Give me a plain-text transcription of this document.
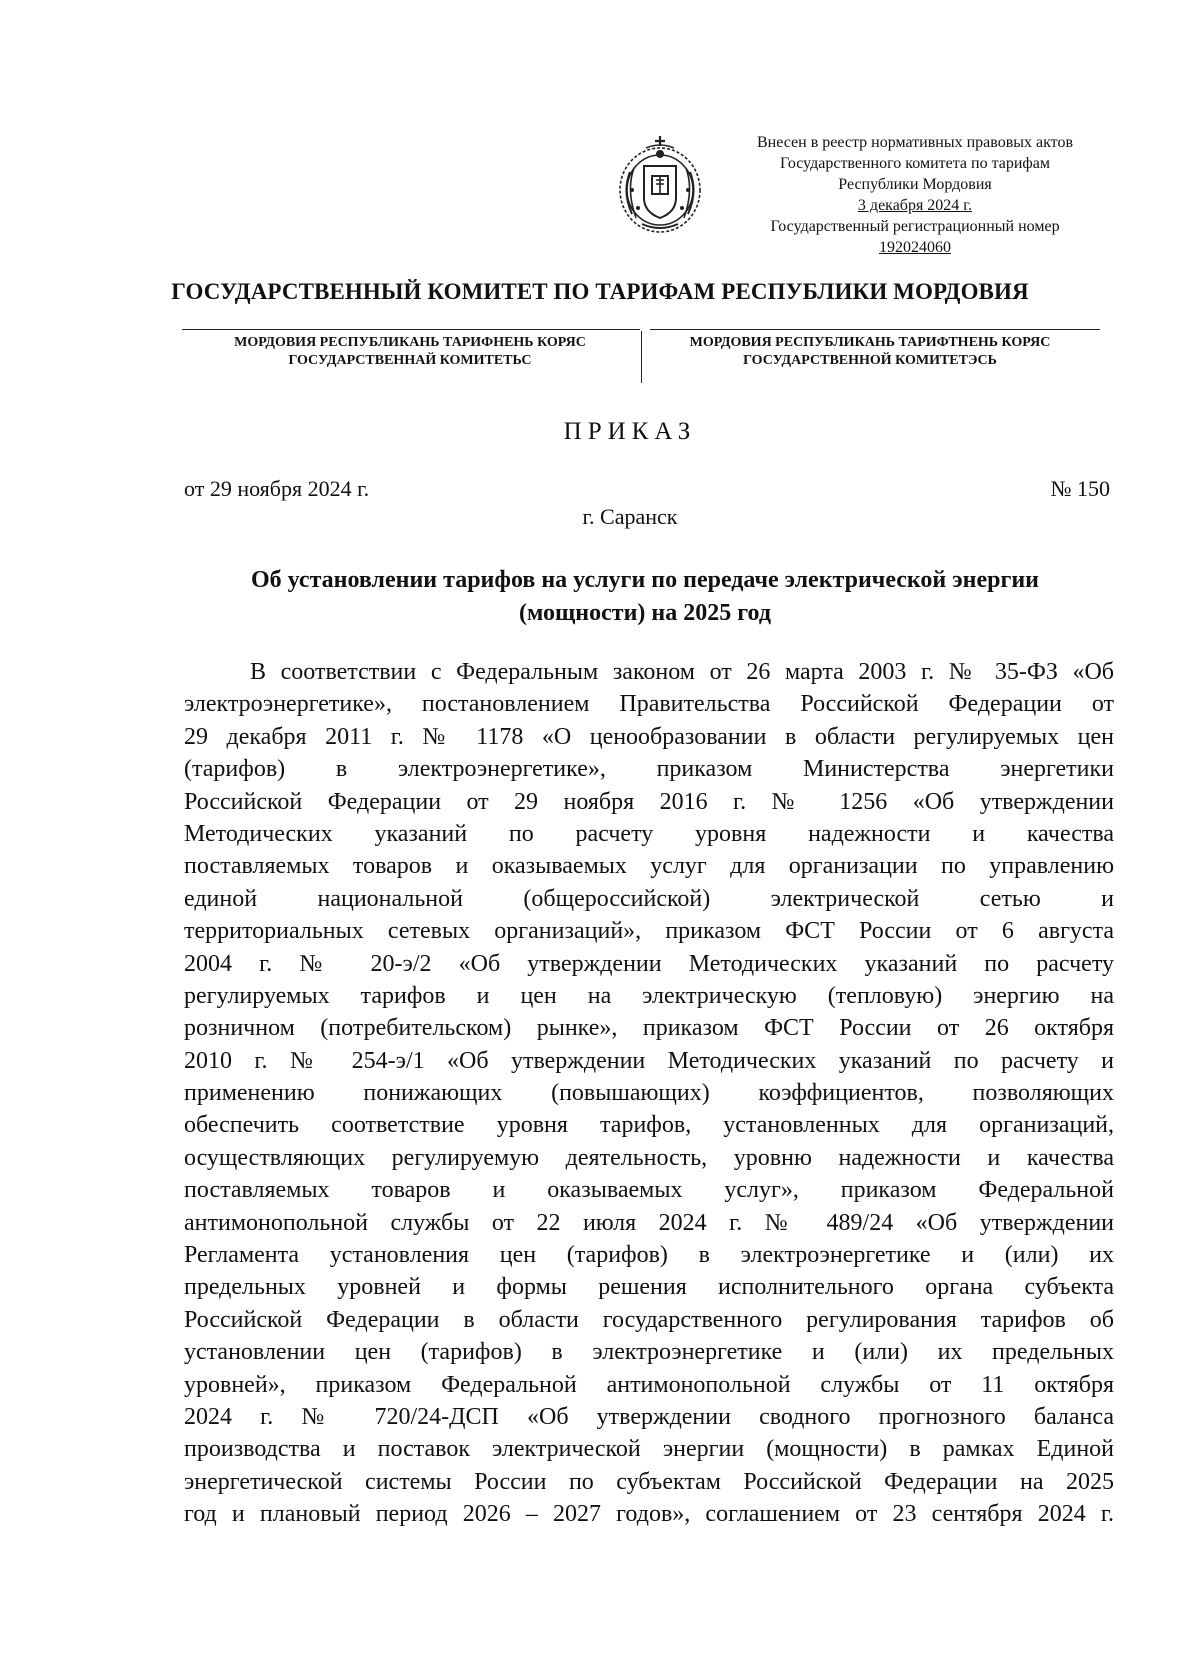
Внесен в реестр нормативных правовых актов
Государственного комитета по тарифам
Республики Мордовия
3 декабря 2024 г.
Государственный регистрационный номер
192024060
ГОСУДАРСТВЕННЫЙ КОМИТЕТ ПО ТАРИФАМ РЕСПУБЛИКИ МОРДОВИЯ
МОРДОВИЯ РЕСПУБЛИКАНЬ ТАРИФНЕНЬ КОРЯС
ГОСУДАРСТВЕННАЙ КОМИТЕТЬС
МОРДОВИЯ РЕСПУБЛИКАНЬ ТАРИФТНЕНЬ КОРЯС
ГОСУДАРСТВЕННОЙ КОМИТЕТЭСЬ
ПРИКАЗ
от 29 ноября 2024 г.	№ 150
г. Саранск
Об установлении тарифов на услуги по передаче электрической энергии
(мощности) на 2025 год
В соответствии с Федеральным законом от 26 марта 2003 г. № 35-ФЗ «Об
электроэнергетике», постановлением Правительства Российской Федерации от
29 декабря 2011 г. № 1178 «О ценообразовании в области регулируемых цен
(тарифов) в электроэнергетике», приказом Министерства энергетики
Российской Федерации от 29 ноября 2016 г. № 1256 «Об утверждении
Методических указаний по расчету уровня надежности и качества
поставляемых товаров и оказываемых услуг для организации по управлению
единой национальной (общероссийской) электрической сетью и
территориальных сетевых организаций», приказом ФСТ России от 6 августа
2004 г. № 20-э/2 «Об утверждении Методических указаний по расчету
регулируемых тарифов и цен на электрическую (тепловую) энергию на
розничном (потребительском) рынке», приказом ФСТ России от 26 октября
2010 г. № 254-э/1 «Об утверждении Методических указаний по расчету и
применению понижающих (повышающих) коэффициентов, позволяющих
обеспечить соответствие уровня тарифов, установленных для организаций,
осуществляющих регулируемую деятельность, уровню надежности и качества
поставляемых товаров и оказываемых услуг», приказом Федеральной
антимонопольной службы от 22 июля 2024 г. № 489/24 «Об утверждении
Регламента установления цен (тарифов) в электроэнергетике и (или) их
предельных уровней и формы решения исполнительного органа субъекта
Российской Федерации в области государственного регулирования тарифов об
установлении цен (тарифов) в электроэнергетике и (или) их предельных
уровней», приказом Федеральной антимонопольной службы от 11 октября
2024 г. № 720/24-ДСП «Об утверждении сводного прогнозного баланса
производства и поставок электрической энергии (мощности) в рамках Единой
энергетической системы России по субъектам Российской Федерации на 2025
год и плановый период 2026 – 2027 годов», соглашением от 23 сентября 2024 г.
